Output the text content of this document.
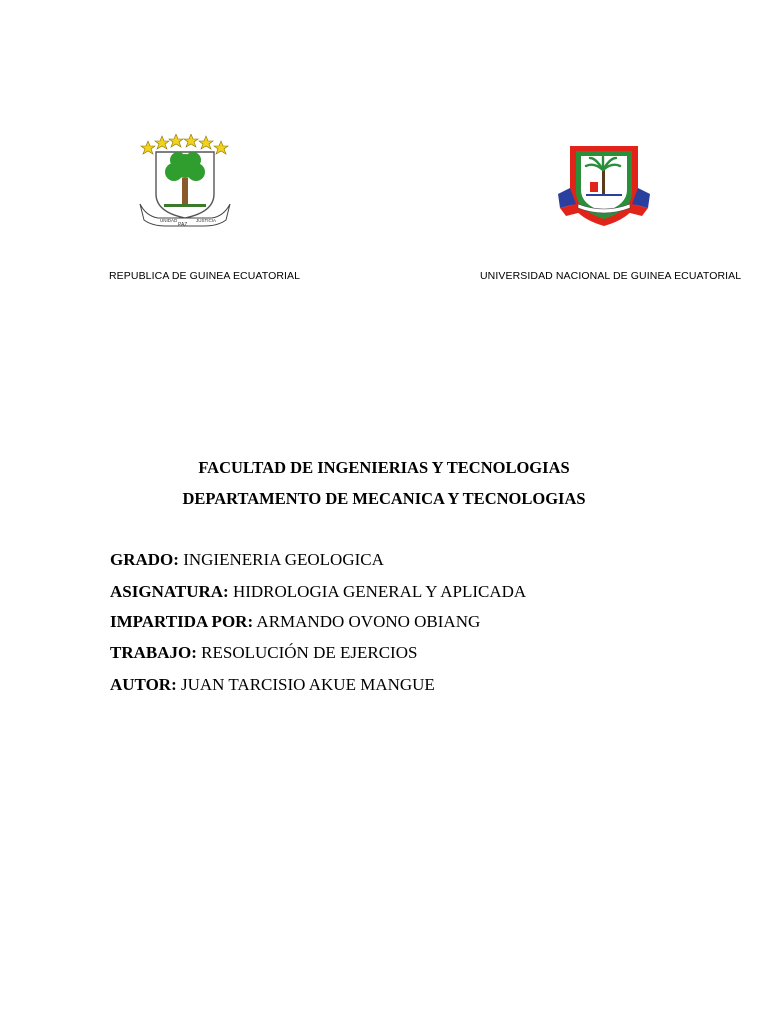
UNIDAD
PAZ
JUSTICIA
REPUBLICA DE GUINEA ECUATORIAL	UNIVERSIDAD NACIONAL DE GUINEA ECUATORIAL
FACULTAD DE INGENIERIAS Y TECNOLOGIAS
DEPARTAMENTO DE MECANICA Y TECNOLOGIAS
GRADO: INGIENERIA GEOLOGICA
ASIGNATURA: HIDROLOGIA GENERAL Y APLICADA
IMPARTIDA POR: ARMANDO OVONO OBIANG
TRABAJO: RESOLUCIÓN DE EJERCIOS
AUTOR: JUAN TARCISIO AKUE MANGUE
